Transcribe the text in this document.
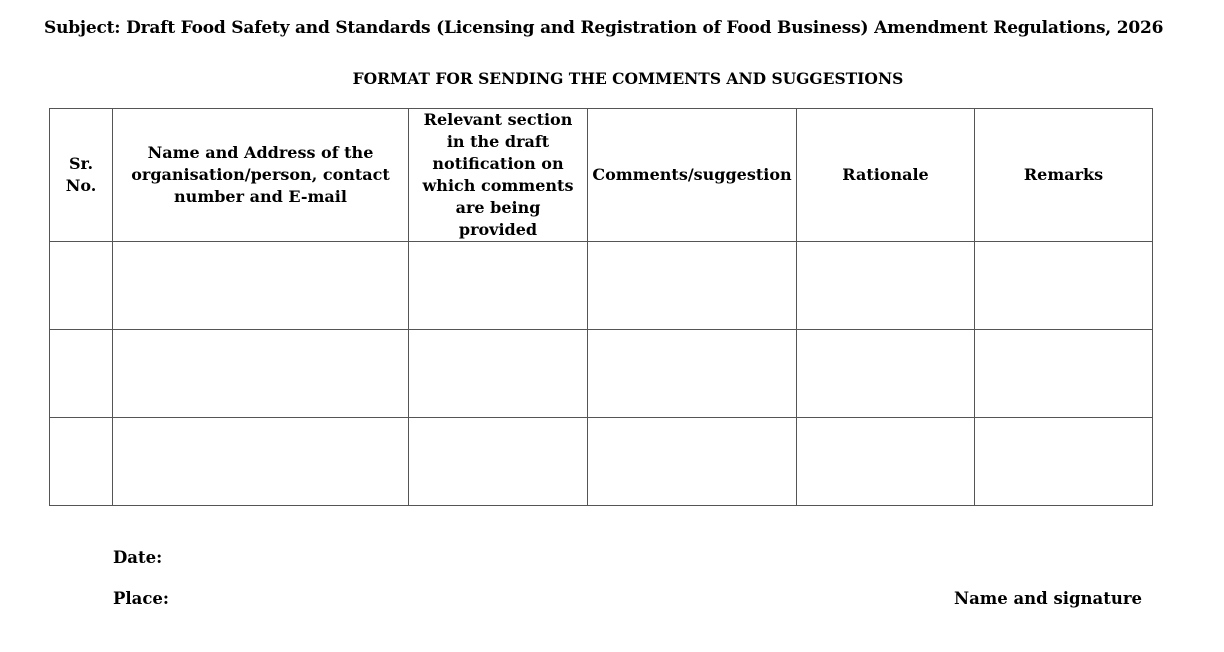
Subject: Draft Food Safety and Standards (Licensing and Registration of Food Business) Amendment Regulations, 2026
FORMAT FOR SENDING THE COMMENTS AND SUGGESTIONS
Sr. No.	Name and Address of the organisation/person, contact number and E-mail	Relevant section in the draft notification on which comments are being provided	Comments/suggestion	Rationale	Remarks

Date:
Place:	Name and signature
